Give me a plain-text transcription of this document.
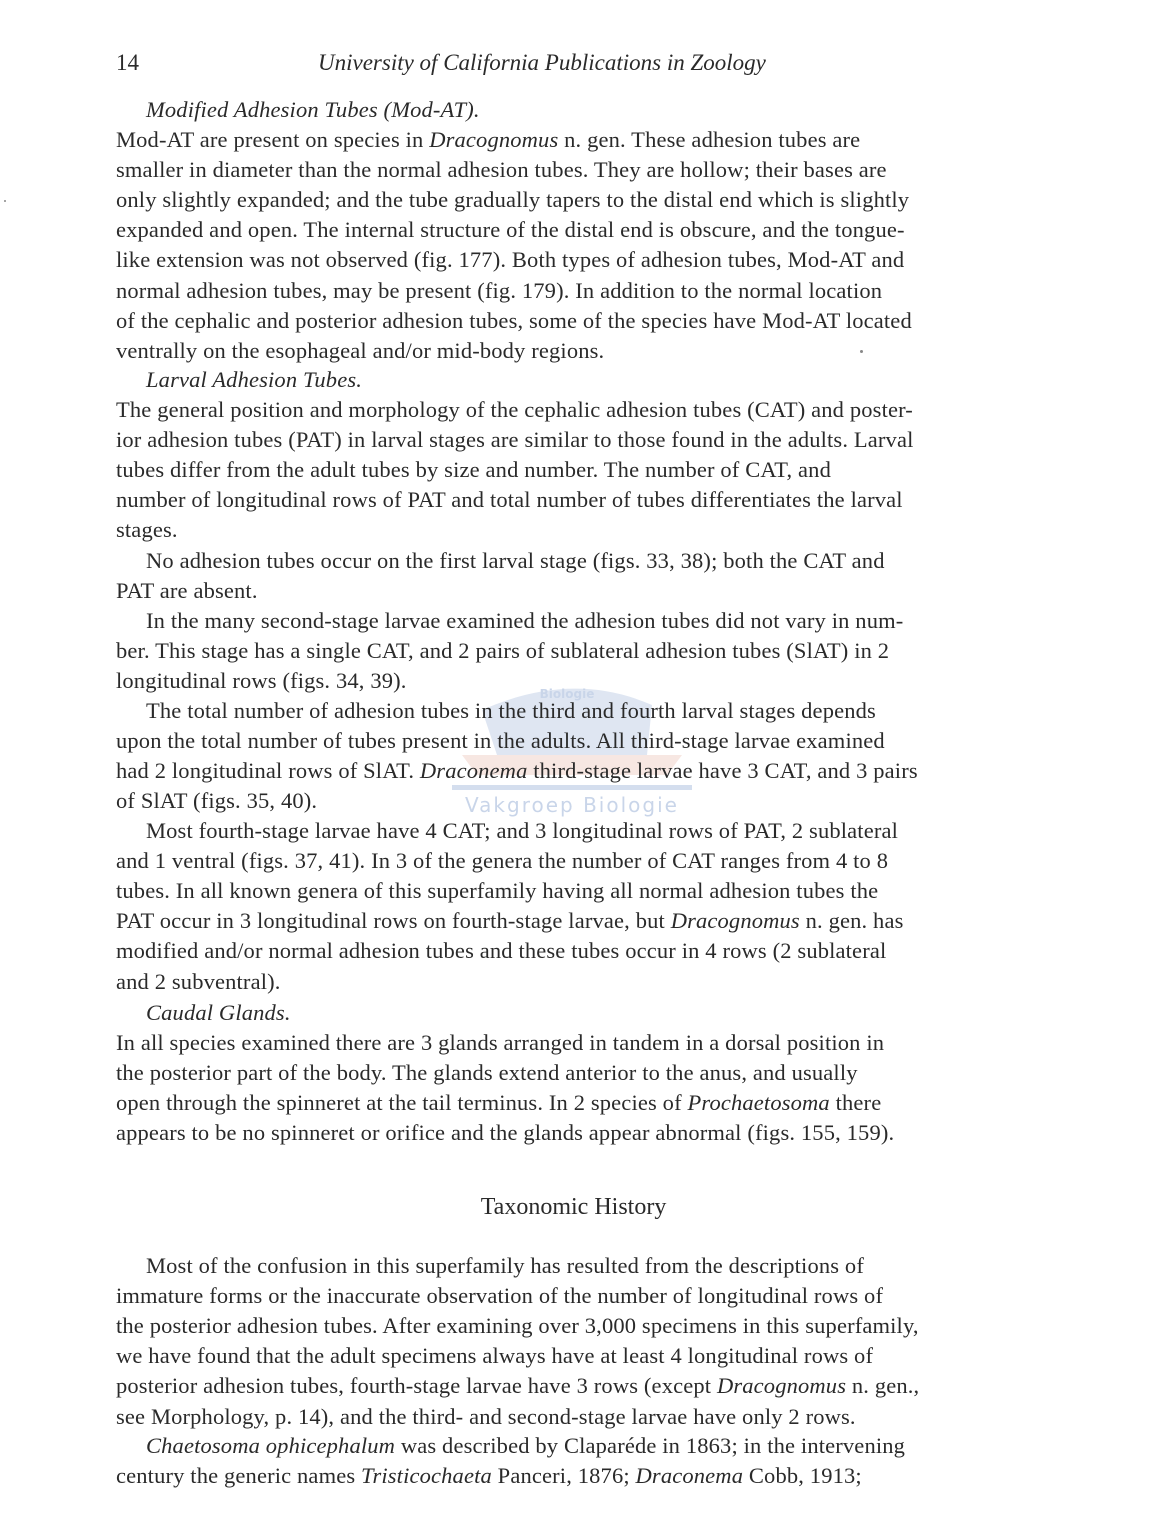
14	University of California Publications in Zoology
Vakgroep Biologie
Biologie
Modified Adhesion Tubes (Mod-AT).
Mod-AT are present on species in Dracognomus n. gen. These adhesion tubes are
smaller in diameter than the normal adhesion tubes. They are hollow; their bases are
only slightly expanded; and the tube gradually tapers to the distal end which is slightly
expanded and open. The internal structure of the distal end is obscure, and the tongue-
like extension was not observed (fig. 177). Both types of adhesion tubes, Mod-AT and
normal adhesion tubes, may be present (fig. 179). In addition to the normal location
of the cephalic and posterior adhesion tubes, some of the species have Mod-AT located
ventrally on the esophageal and/or mid-body regions.
Larval Adhesion Tubes.
The general position and morphology of the cephalic adhesion tubes (CAT) and poster-
ior adhesion tubes (PAT) in larval stages are similar to those found in the adults. Larval
tubes differ from the adult tubes by size and number. The number of CAT, and
number of longitudinal rows of PAT and total number of tubes differentiates the larval
stages.
No adhesion tubes occur on the first larval stage (figs. 33, 38); both the CAT and
PAT are absent.
In the many second-stage larvae examined the adhesion tubes did not vary in num-
ber. This stage has a single CAT, and 2 pairs of sublateral adhesion tubes (SlAT) in 2
longitudinal rows (figs. 34, 39).
The total number of adhesion tubes in the third and fourth larval stages depends
upon the total number of tubes present in the adults. All third-stage larvae examined
had 2 longitudinal rows of SlAT. Draconema third-stage larvae have 3 CAT, and 3 pairs
of SlAT (figs. 35, 40).
Most fourth-stage larvae have 4 CAT; and 3 longitudinal rows of PAT, 2 sublateral
and 1 ventral (figs. 37, 41). In 3 of the genera the number of CAT ranges from 4 to 8
tubes. In all known genera of this superfamily having all normal adhesion tubes the
PAT occur in 3 longitudinal rows on fourth-stage larvae, but Dracognomus n. gen. has
modified and/or normal adhesion tubes and these tubes occur in 4 rows (2 sublateral
and 2 subventral).
Caudal Glands.
In all species examined there are 3 glands arranged in tandem in a dorsal position in
the posterior part of the body. The glands extend anterior to the anus, and usually
open through the spinneret at the tail terminus. In 2 species of Prochaetosoma there
appears to be no spinneret or orifice and the glands appear abnormal (figs. 155, 159).
Most of the confusion in this superfamily has resulted from the descriptions of
immature forms or the inaccurate observation of the number of longitudinal rows of
the posterior adhesion tubes. After examining over 3,000 specimens in this superfamily,
we have found that the adult specimens always have at least 4 longitudinal rows of
posterior adhesion tubes, fourth-stage larvae have 3 rows (except Dracognomus n. gen.,
see Morphology, p. 14), and the third- and second-stage larvae have only 2 rows.
Chaetosoma ophicephalum was described by Claparéde in 1863; in the intervening
century the generic names Tristicochaeta Panceri, 1876; Draconema Cobb, 1913;
Taxonomic History
